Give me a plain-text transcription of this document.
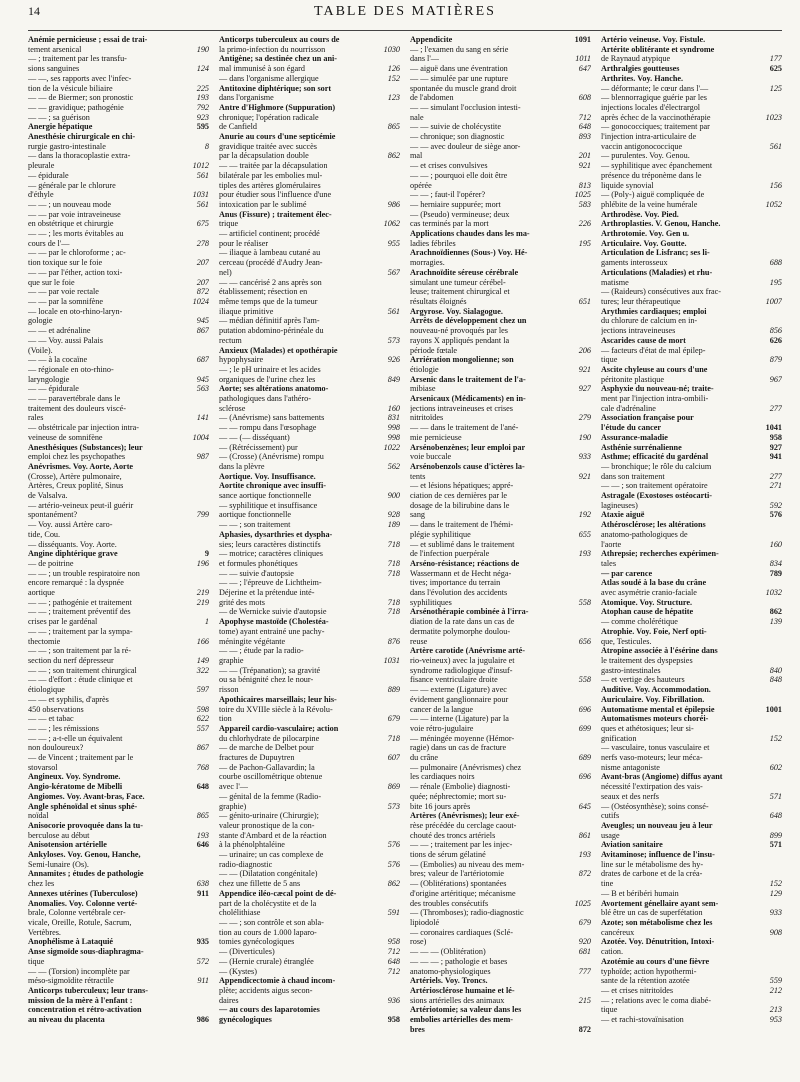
14	TABLE DES MATIÈRES
Anémie pernicieuse ; essai de trai-
tement arsenical	190
— ; traitement par les transfu-
sions sanguines	124
— —, ses rapports avec l'infec-
tion de la vésicule biliaire	225
— — de Biermer; son pronostic	193
— — gravidique; pathogénie	792
— — ; sa guérison	923
Anergie hépatique	595
Anesthésie chirurgicale en chi-
rurgie gastro-intestinale	8
— dans la thoracoplastie extra-
pleurale	1012
— épidurale	561
— générale par le chlorure
d'éthyle	1031
— — ; un nouveau mode	561
— — par voie intraveineuse
en obstétrique et chirurgie	675
— — ; les morts évitables au
cours de l'—	278
— — par le chloroforme ; ac-
tion toxique sur le foie	207
— — par l'éther, action toxi-
que sur le foie	207
— — par voie rectale	872
— — par la somnifène	1024
— locale en oto-rhino-laryn-
gologie	945
— — et adrénaline	867
— — Voy. aussi Palais
(Voile).
— — à la cocaïne	687
— régionale en oto-rhino-
laryngologie	945
— — épidurale	563
— — paravertébrale dans le
traitement des douleurs viscé-
rales	141
— obstétricale par injection intra-
veineuse de somnifène	1004
Anesthésiques (Substances); leur
emploi chez les psychopathes	987
Anévrismes. Voy. Aorte, Aorte
(Crosse), Artère pulmonaire,
Artères, Creux poplité, Sinus
de Valsalva.
— artério-veineux peut-il guérir
spontanément?	799
— Voy. aussi Artère caro-
tide, Cou.
— disséquants. Voy. Aorte.
Angine diphtérique grave	9
— de poitrine	196
— — ; un trouble respiratoire non
encore remarqué : la dyspnée
aortique	219
— — ; pathogénie et traitement	219
— — ; traitement préventif des
crises par le gardénal	1
— — ; traitement par la sympa-
thectomie	166
— — ; son traitement par la ré-
section du nerf dépresseur	149
— — ; son traitement chirurgical	322
— — d'effort : étude clinique et
étiologique	597
— — et syphilis, d'après
450 observations	598
— — et tabac	622
— — ; les rémissions	557
— — ; a-t-elle un équivalent
non douloureux?	867
— de Vincent ; traitement par le
stovarsol	768
Angineux. Voy. Syndrome.
Angio-kératome de Mibelli	648
Angiomes. Voy. Avant-bras, Face.
Angle sphénoïdal et sinus sphé-
noïdal	865
Anisocorie provoquée dans la tu-
berculose au début	193
Anisotension artérielle	646
Ankyloses. Voy. Genou, Hanche,
Semi-lunaire (Os).
Annamites ; études de pathologie
chez les	638
Annexes utérines (Tuberculose)	911
Anomalies. Voy. Colonne verté-
brale, Colonne vertébrale cer-
vicale, Oreille, Rotule, Sacrum,
Vertèbres.
Anophélisme à Lataquié	935
Anse sigmoïde sous-diaphragma-
tique	572
— — (Torsion) incomplète par
méso-sigmoïdite rétractile	911
Anticorps tuberculeux; leur trans-
mission de la mère à l'enfant :
concentration et rétro-activation
au niveau du placenta	986
Anticorps tuberculeux au cours de
la primo-infection du nourrisson	1030
Antigène; sa destinée chez un ani-
mal immunisé à son égard	126
— dans l'organisme allergique	152
Antitoxine diphtérique; son sort
dans l'organisme	123
Antre d'Highmore (Suppuration)
chronique; l'opération radicale
de Canfield	865
Anurie au cours d'une septicémie
gravidique traitée avec succès
par la décapsulation double	862
— — traitée par la décapsulation
bilatérale par les embolies mul-
tiples des artères glomérulaires
pour étudier sous l'influence d'une
intoxication par le sublimé	986
Anus (Fissure) ; traitement élec-
trique	1062
— artificiel continent; procédé
pour le réaliser	955
— iliaque à lambeau cutané au
cerceau (procédé d'Audry Jean-
nel)	567
— — cancérisé 2 ans après son
établissement; résection en
même temps que de la tumeur
iliaque primitive	561
— médian définitif après l'am-
putation abdomino-périnéale du
rectum	573
Anxieux (Malades) et opothérapie
hypophysaire	926
— ; le pH urinaire et les acides
organiques de l'urine chez les	849
Aorte; ses altérations anatomo-
pathologiques dans l'athéro-
sclérose	160
— (Anévrisme) sans battements	831
— — rompu dans l'œsophage	998
— — (— disséquant)	998
— (Rétrécissement) pur	1022
— (Crosse) (Anévrisme) rompu
dans la plèvre	562
Aortique. Voy. Insuffisance.
Aortite chronique avec insuffi-
sance aortique fonctionnelle	900
— syphilitique et insuffisance
aortique fonctionnelle	928
— — ; son traitement	189
Aphasies, dysarthries et dyspha-
sies; leurs caractères distinctifs	718
— motrice; caractères cliniques
et formules phonétiques	718
— — suivie d'autopsie	718
— — ; l'épreuve de Lichtheim-
Déjerine et la prétendue inté-
grité des mots	718
— de Wernicke suivie d'autopsie	718
Apophyse mastoïde (Cholestéa-
tome) ayant entrainé une pachy-
méningite végétante	876
— — ; étude par la radio-
graphie	1031
— — (Trépanation); sa gravité
ou sa bénignité chez le nour-
risson	889
Apothicaires marseillais; leur his-
toire du XVIIIe siècle à la Révolu-
tion	679
Appareil cardio-vasculaire; action
du chlorhydrate de pilocarpine	718
— de marche de Delbet pour
fractures de Dupuytren	607
— de Pachon-Gallavardin; la
courbe oscillométrique obtenue
avec l'—	869
— génital de la femme (Radio-
graphie)	573
— génito-urinaire (Chirurgie);
valeur pronostique de la con-
stante d'Ambard et de la réaction
à la phénolphtaléine	576
— urinaire; un cas complexe de
radio-diagnostic	576
— — (Dilatation congénitale)
chez une fillette de 5 ans	862
Appendice iléo-cæcal point de dé-
part de la cholécystite et de la
cholélithiase	591
— — ; son contrôle et son abla-
tion au cours de 1.000 laparo-
tomies gynécologiques	958
— (Diverticules)	712
— (Hernie crurale) étranglée	648
— (Kystes)	712
Appendicectomie à chaud incom-
plète; accidents aigus secon-
daires	936
— au cours des laparotomies
gynécologiques	958
Appendicite	1091
— ; l'examen du sang en série
dans l'—	1011
— aiguë dans une éventration	647
— — simulée par une rupture
spontanée du muscle grand droit
de l'abdomen	608
— — simulant l'occlusion intesti-
nale	712
— — suivie de cholécystite	648
— chronique; son diagnostic	893
— — avec douleur de siège anor-
mal	201
— et crises convulsives	921
— — ; pourquoi elle doit être
opérée	813
— — ; faut-il l'opérer?	1025
— herniaire suppurée; mort	583
— (Pseudo) vermineuse; deux
cas terminés par la mort	226
Applications chaudes dans les ma-
ladies fébriles	195
Arachnoïdiennes (Sous-) Voy. Hé-
morragies.
Arachnoïdite séreuse cérébrale
simulant une tumeur cérébel-
leuse; traitement chirurgical et
résultats éloignés	651
Argyrose. Voy. Sialagogue.
Arrêts de développement chez un
nouveau-né provoqués par les
rayons X appliqués pendant la
période fœtale	206
Arriération mongolienne; son
étiologie	921
Arsenic dans le traitement de l'a-
mibiase	927
Arsenicaux (Médicaments) en in-
jections intraveineuses et crises
nitritoïdes	279
— — dans le traitement de l'ané-
mie pernicieuse	190
Arsénobenzènes; leur emploi par
voie buccale	933
Arsénobenzols cause d'ictères la-
tents	921
— et lésions hépatiques; appré-
ciation de ces dernières par le
dosage de la bilirubine dans le
sang	192
— dans le traitement de l'hémi-
plégie syphilitique	655
— et sublimé dans le traitement
de l'infection puerpérale	193
Arséno-résistance; réactions de
Wassermann et de Hecht néga-
tives; importance du terrain
dans l'évolution des accidents
syphilitiques	558
Arsénothérapie combinée à l'irra-
diation de la rate dans un cas de
dermatite polymorphe doulou-
reuse	656
Artère carotide (Anévrisme arté-
rio-veineux) avec la jugulaire et
syndrome radiologique d'insuf-
fisance ventriculaire droite	558
— — externe (Ligature) avec
évidement ganglionnaire pour
cancer de la langue	696
— — interne (Ligature) par la
voie rétro-jugulaire	699
— méningée moyenne (Hémor-
ragie) dans un cas de fracture
du crâne	689
— pulmonaire (Anévrismes) chez
les cardiaques noirs	696
— rénale (Embolie) diagnosti-
quée; néphrectomie; mort su-
bite 16 jours après	645
Artères (Anévrismes); leur exé-
rèse précédée du cerclage caout-
chouté des troncs artériels	861
— — ; traitement par les injec-
tions de sérum gélatiné	193
— (Embolies) au niveau des mem-
bres; valeur de l'artériotomie	872
— (Oblitérations) spontanées
d'origine artéritique; mécanisme
des troubles consécutifs	1025
— (Thromboses); radio-diagnostic
lipiodolé	679
— coronaires cardiaques (Sclé-
rose)	920
— — — (Oblitération)	681
— — — ; pathologie et bases
anatomo-physiologiques	777
Artériels. Voy. Troncs.
Artériosclérose humaine et lé-
sions artérielles des animaux	215
Artériotomie; sa valeur dans les
embolies artérielles des mem-
bres	872
Artério veineuse. Voy. Fistule.
Artérite oblitérante et syndrome
de Raynaud atypique	177
Arthralgies goutteuses	625
Arthrites. Voy. Hanche.
— déformante; le cœur dans l'—	125
— blennorragique guérie par les
injections locales d'électrargol
après échec de la vaccinothérapie	1023
— gonococciques; traitement par
l'injection intra-articulaire de
vaccin antigonococcique	561
— purulentes. Voy. Genou.
— syphilitique avec épanchement
présence du tréponème dans le
liquide synovial	156
— (Poly-) aiguë compliquée de
phlébite de la veine humérale	1052
Arthrodèse. Voy. Pied.
Arthroplasties. V. Genou, Hanche.
Arthrotomie. Voy. Gen u.
Articulaire. Voy. Goutte.
Articulation de Lisfranc; ses li-
gaments interosseux	688
Articulations (Maladies) et rhu-
matisme	195
— (Raideurs) consécutives aux frac-
tures; leur thérapeutique	1007
Arythmies cardiaques; emploi
du chlorure de calcium en in-
jections intraveineuses	856
Ascarides cause de mort	626
— facteurs d'état de mal épilep-
tique	879
Ascite chyleuse au cours d'une
péritonite plastique	967
Asphyxie du nouveau-né; traite-
ment par l'injection intra-ombili-
cale d'adrénaline	277
Association française pour
l'étude du cancer	1041
Assurance-maladie	958
Asthénie surrénalienne	927
Asthme; efficacité du gardénal	941
— bronchique; le rôle du calcium
dans son traitement	277
— — ; son traitement opératoire	271
Astragale (Exostoses ostéocarti-
lagineuses)	592
Ataxie aiguë	576
Athérosclérose; les altérations
anatomo-pathologiques de
l'aorte	160
Athrepsie; recherches expérimen-
tales	834
— par carence	789
Atlas soudé à la base du crâne
avec asymétrie cranio-faciale	1032
Atomique. Voy. Structure.
Atophan cause de hépatite	862
— comme cholérétique	139
Atrophie. Voy. Foie, Nerf opti-
que, Testicules.
Atropine associée à l'ésérine dans
le traitement des dyspepsies
gastro-intestinales	840
— et vertige des hauteurs	848
Auditive. Voy. Accommodation.
Auriculaire. Voy. Fibrillation.
Automatisme mental et épilepsie	1001
Automatismes moteurs choréi-
ques et athétosiques; leur si-
gnification	152
— vasculaire, tonus vasculaire et
nerfs vaso-moteurs; leur méca-
nisme antagoniste	602
Avant-bras (Angiome) diffus ayant
nécessité l'extirpation des vais-
seaux et des nerfs	571
— (Ostéosynthèse); soins consé-
cutifs	648
Aveugles; un nouveau jeu à leur
usage	899
Aviation sanitaire	571
Avitaminose; influence de l'insu-
line sur le métabolisme des hy-
drates de carbone et de la créa-
tine	152
— B et béribéri humain	129
Avortement génellaire ayant sem-
blé être un cas de superfétation	933
Azote; son métabolisme chez les
cancéreux	908
Azotée. Voy. Dénutrition, Intoxi-
cation.
Azotémie au cours d'une fièvre
typhoïde; action hypothermi-
sante de la rétention azotée	559
— et crises nitritoïdes	212
— ; relations avec le coma diabé-
tique	213
— et rachi-stovaïnisation	953
